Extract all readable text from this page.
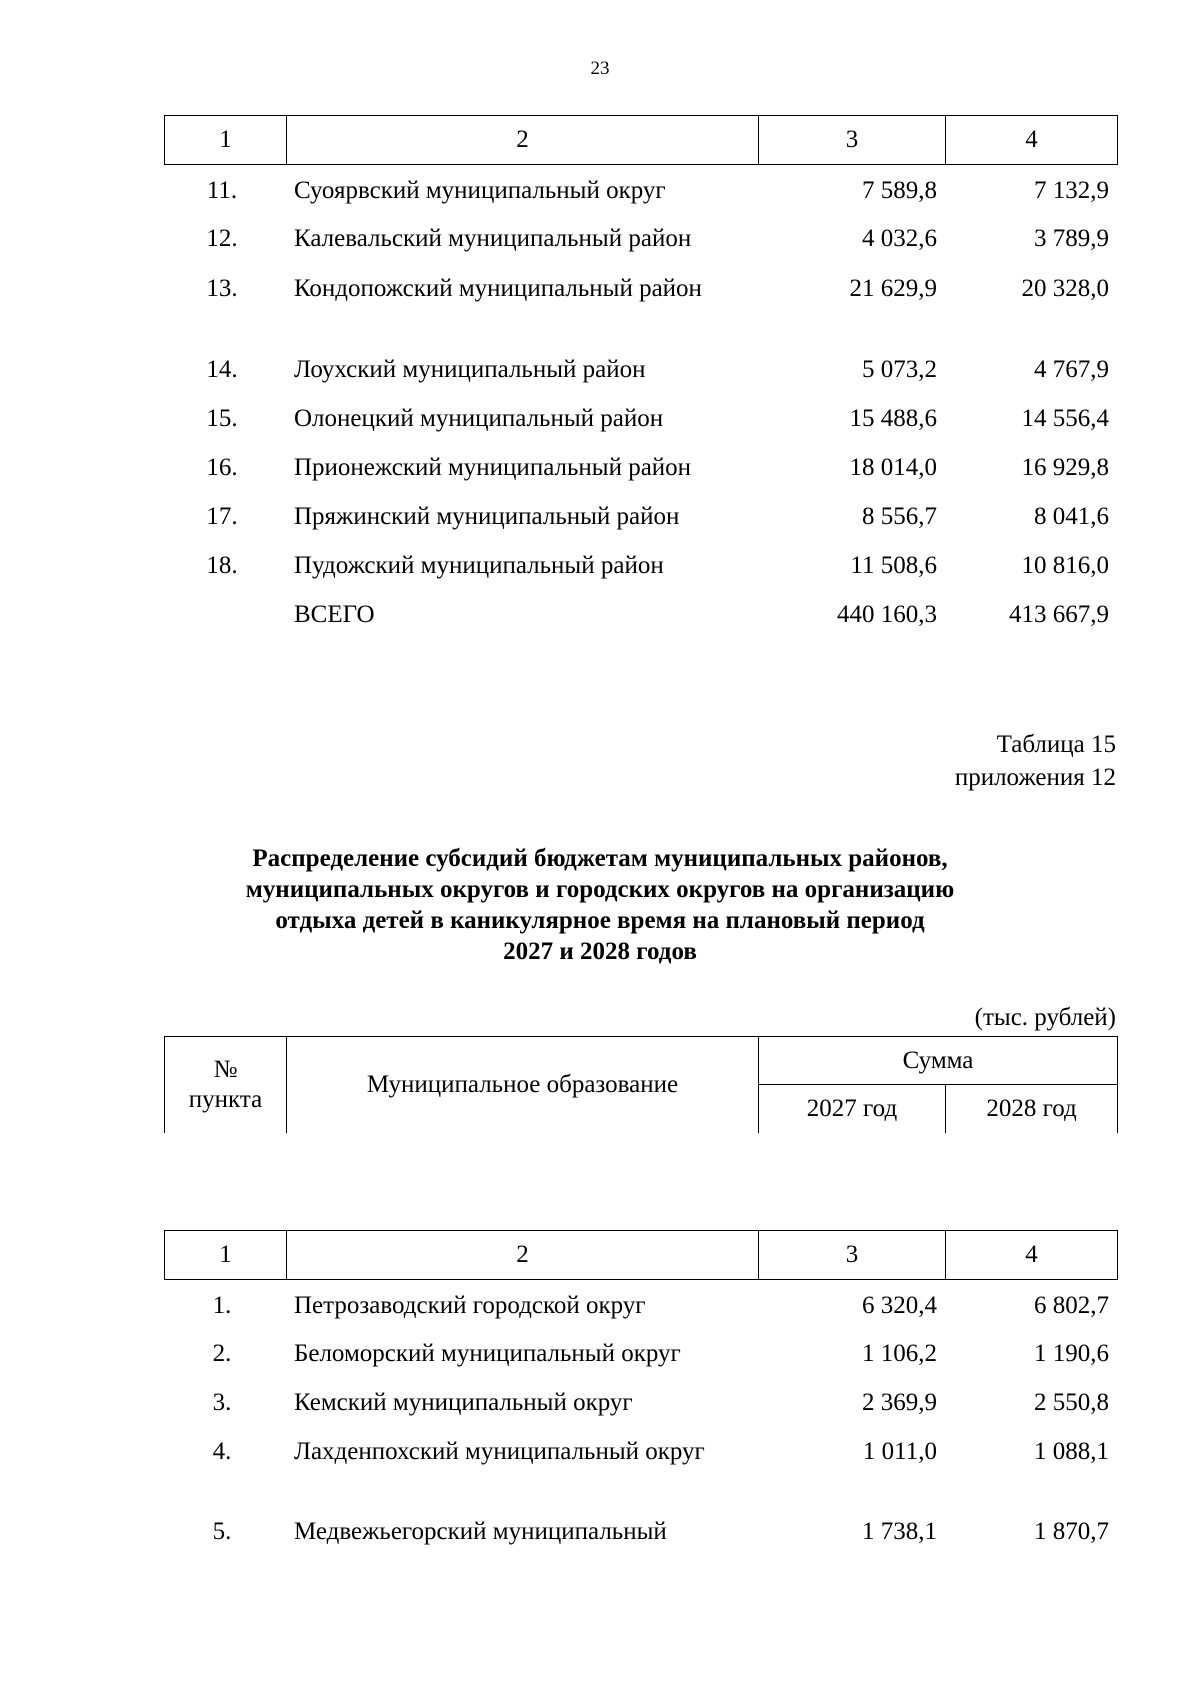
23
1	2	3	4
11.	Суоярвский муниципальный округ	7 589,8	7 132,9
12.	Калевальский муниципальный район	4 032,6	3 789,9
13.	Кондопожский муниципальный район	21 629,9	20 328,0
14.	Лоухский муниципальный район	5 073,2	4 767,9
15.	Олонецкий муниципальный район	15 488,6	14 556,4
16.	Прионежский муниципальный район	18 014,0	16 929,8
17.	Пряжинский муниципальный район	8 556,7	8 041,6
18.	Пудожский муниципальный район	11 508,6	10 816,0
	ВСЕГО	440 160,3	413 667,9
Таблица 15
приложения 12
Распределение субсидий бюджетам муниципальных районов,
муниципальных округов и городских округов на организацию
отдыха детей в каникулярное время на плановый период
2027 и 2028 годов
(тыс. рублей)
№
пункта	Муниципальное образование	Сумма	
		2027 год	2028 год
1	2	3	4
1.	Петрозаводский городской округ	6 320,4	6 802,7
2.	Беломорский муниципальный округ	1 106,2	1 190,6
3.	Кемский муниципальный округ	2 369,9	2 550,8
4.	Лахденпохский муниципальный округ	1 011,0	1 088,1
5.	Медвежьегорский муниципальный	1 738,1	1 870,7
